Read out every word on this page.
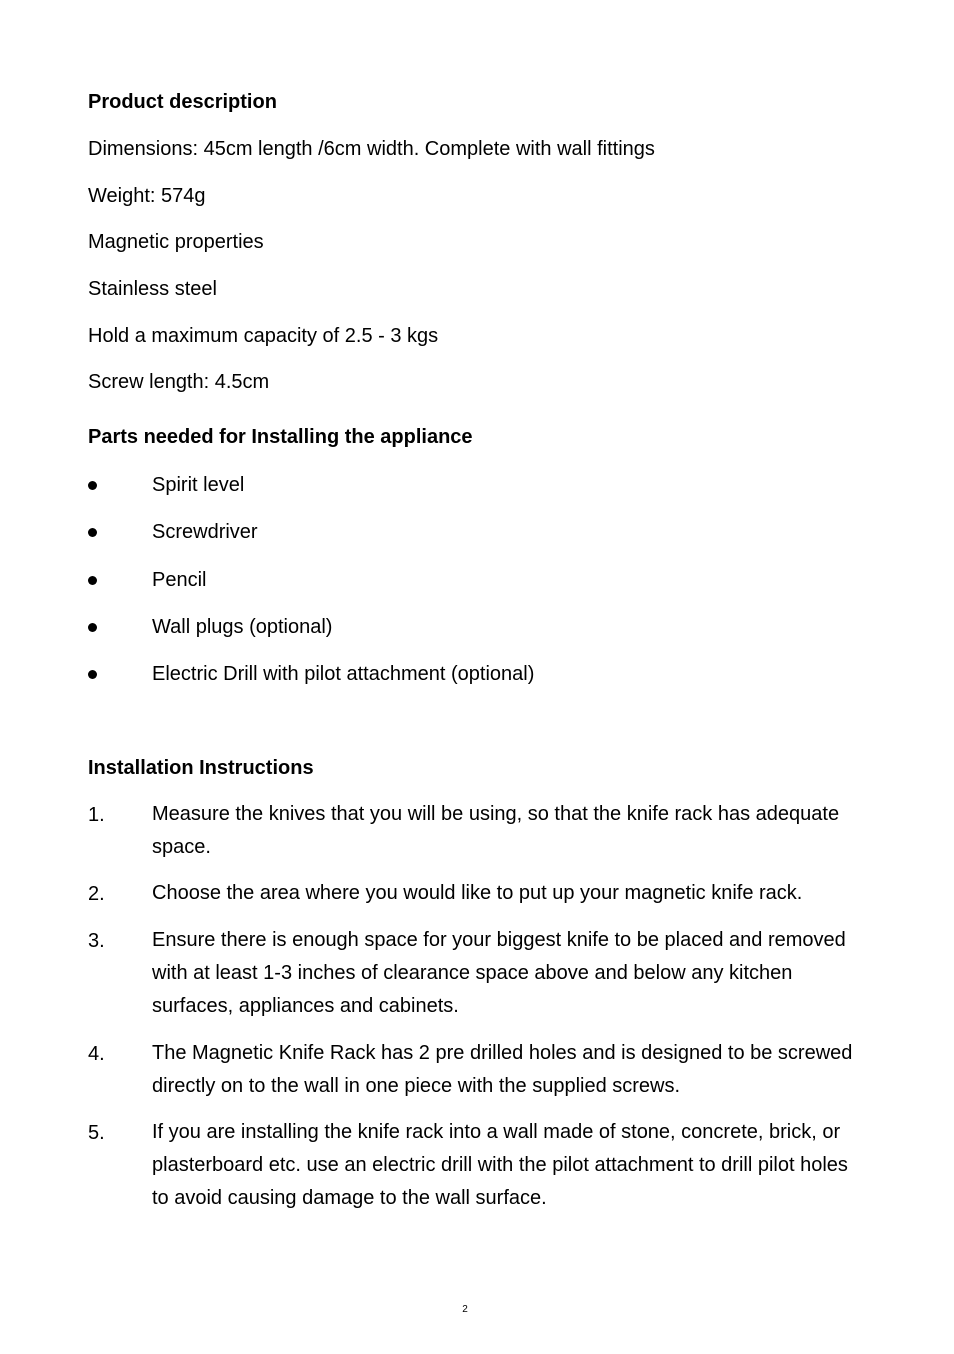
Product description
Dimensions: 45cm length /6cm width. Complete with wall fittings
Weight: 574g
Magnetic properties
Stainless steel
Hold a maximum capacity of 2.5 - 3 kgs
Screw length: 4.5cm
Parts needed for Installing the appliance
Spirit level
Screwdriver
Pencil
Wall plugs (optional)
Electric Drill with pilot attachment (optional)
Installation Instructions
1. Measure the knives that you will be using, so that the knife rack has adequate space.
2. Choose the area where you would like to put up your magnetic knife rack.
3. Ensure there is enough space for your biggest knife to be placed and removed with at least 1-3 inches of clearance space above and below any kitchen surfaces, appliances and cabinets.
4. The Magnetic Knife Rack has 2 pre drilled holes and is designed to be screwed directly on to the wall in one piece with the supplied screws.
5. If you are installing the knife rack into a wall made of stone, concrete, brick, or plasterboard etc. use an electric drill with the pilot attachment to drill pilot holes to avoid causing damage to the wall surface.
2
